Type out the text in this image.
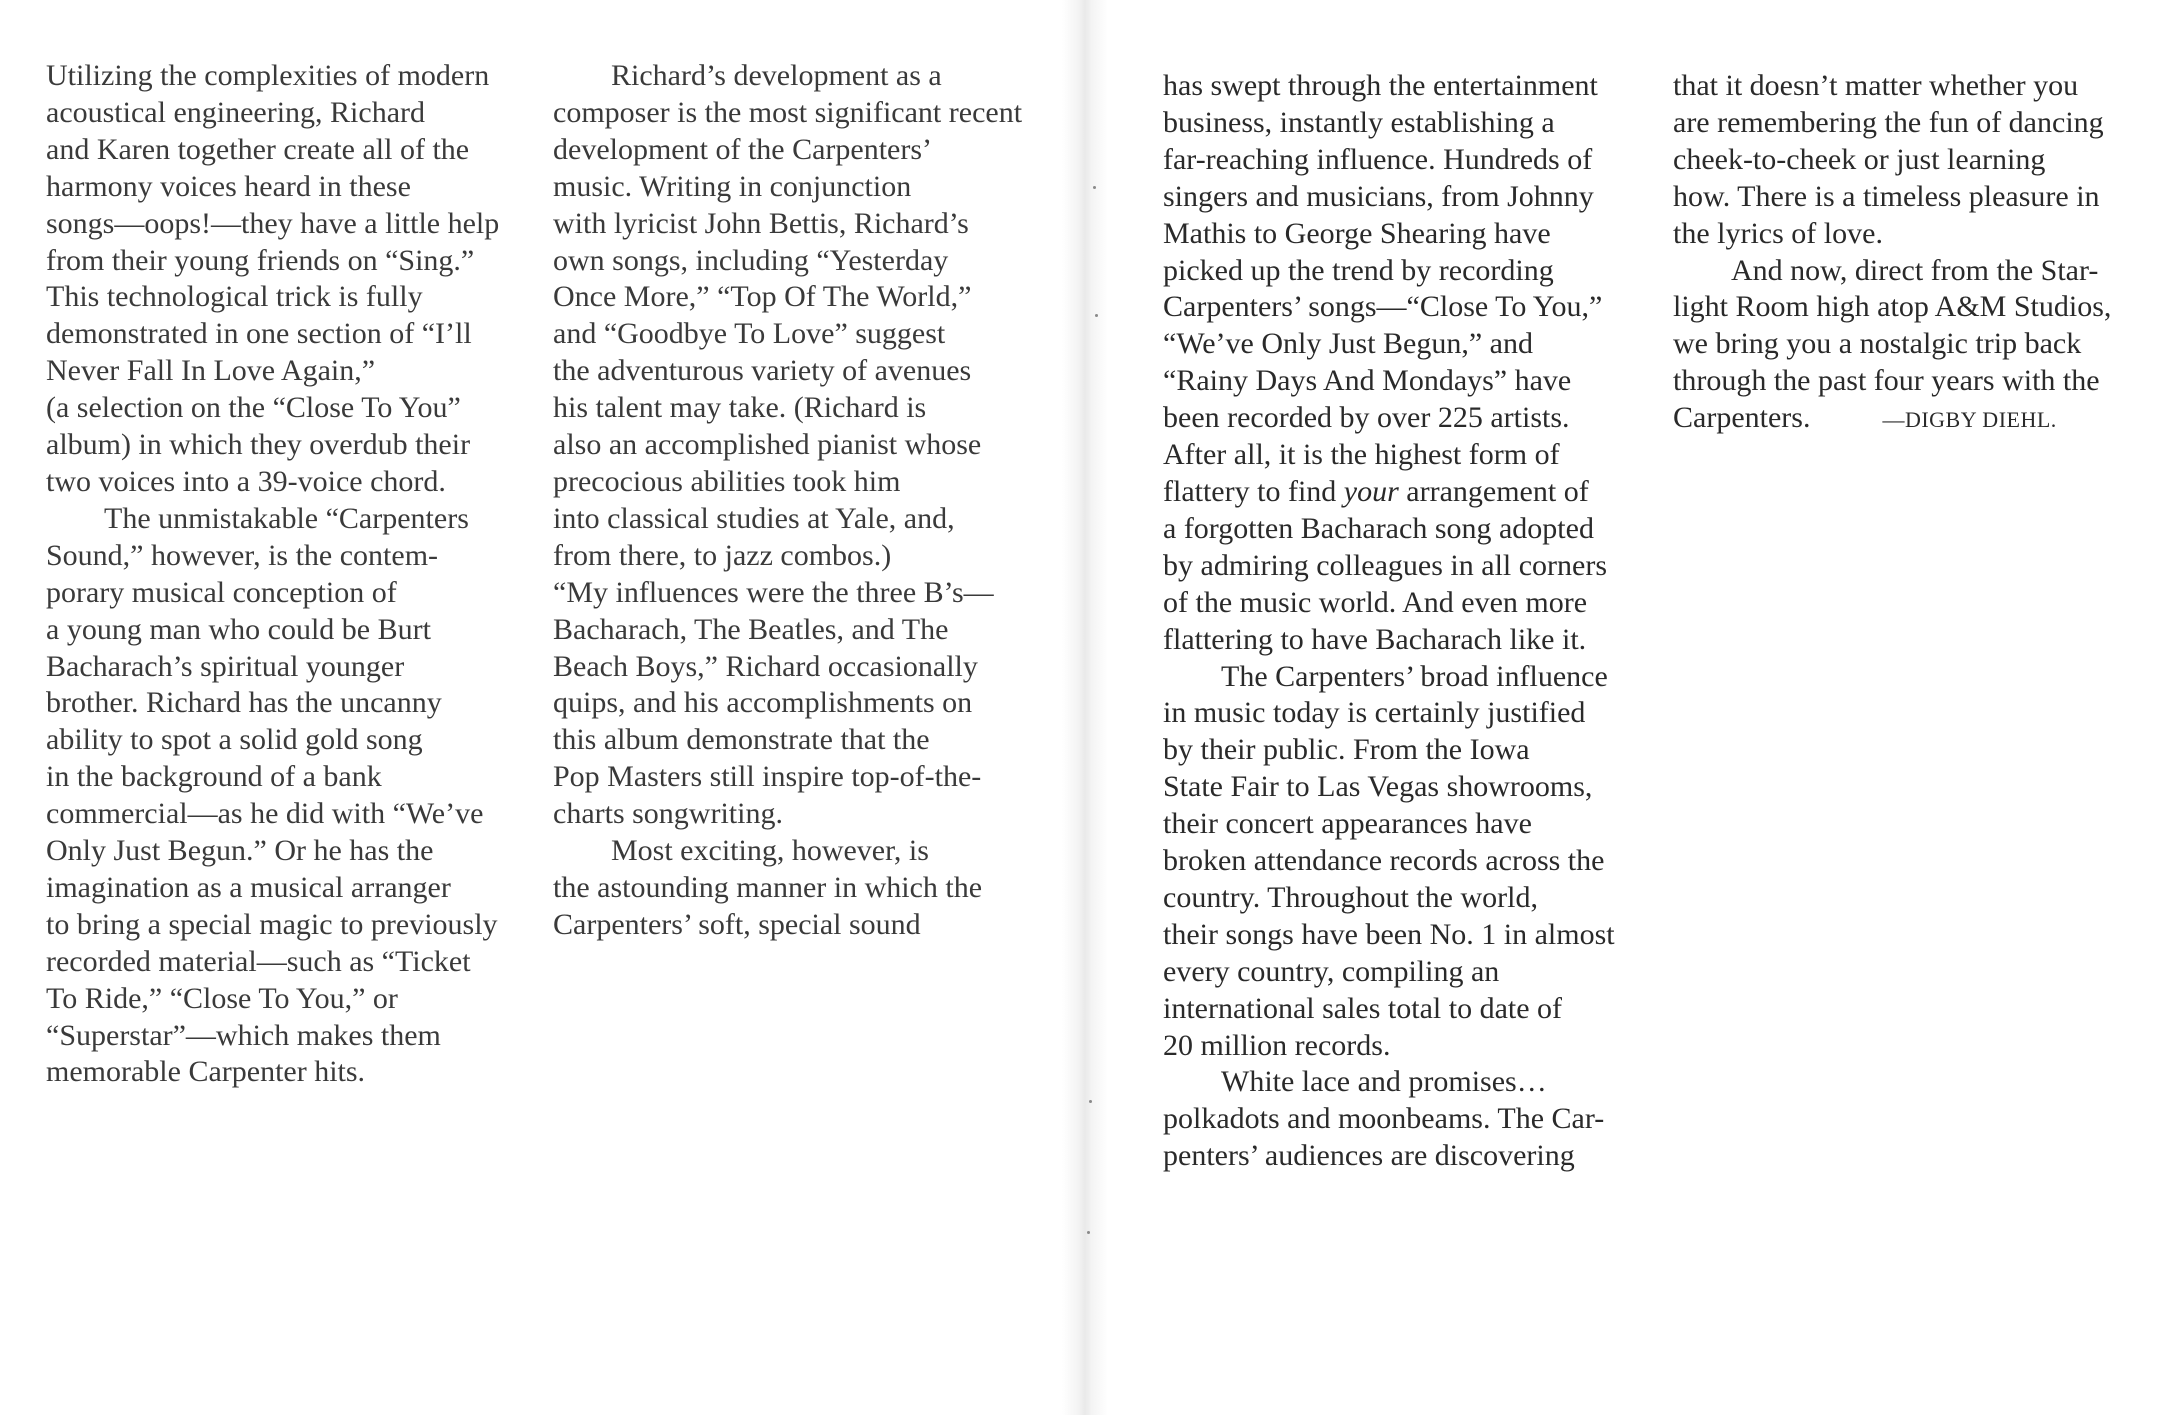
Utilizing the complexities of modern
acoustical engineering, Richard
and Karen together create all of the
harmony voices heard in these
songs—oops!—they have a little help
from their young friends on “Sing.”
This technological trick is fully
demonstrated in one section of “I’ll
Never Fall In Love Again,”
(a selection on the “Close To You”
album) in which they overdub their
two voices into a 39-voice chord.
The unmistakable “Carpenters
Sound,” however, is the contem-
porary musical conception of
a young man who could be Burt
Bacharach’s spiritual younger
brother. Richard has the uncanny
ability to spot a solid gold song
in the background of a bank
commercial—as he did with “We’ve
Only Just Begun.” Or he has the
imagination as a musical arranger
to bring a special magic to previously
recorded material—such as “Ticket
To Ride,” “Close To You,” or
“Superstar”—which makes them
memorable Carpenter hits.
Richard’s development as a
composer is the most significant recent
development of the Carpenters’
music. Writing in conjunction
with lyricist John Bettis, Richard’s
own songs, including “Yesterday
Once More,” “Top Of The World,”
and “Goodbye To Love” suggest
the adventurous variety of avenues
his talent may take. (Richard is
also an accomplished pianist whose
precocious abilities took him
into classical studies at Yale, and,
from there, to jazz combos.)
“My influences were the three B’s—
Bacharach, The Beatles, and The
Beach Boys,” Richard occasionally
quips, and his accomplishments on
this album demonstrate that the
Pop Masters still inspire top-of-the-
charts songwriting.
Most exciting, however, is
the astounding manner in which the
Carpenters’ soft, special sound
has swept through the entertainment
business, instantly establishing a
far-reaching influence. Hundreds of
singers and musicians, from Johnny
Mathis to George Shearing have
picked up the trend by recording
Carpenters’ songs—“Close To You,”
“We’ve Only Just Begun,” and
“Rainy Days And Mondays” have
been recorded by over 225 artists.
After all, it is the highest form of
flattery to find your arrangement of
a forgotten Bacharach song adopted
by admiring colleagues in all corners
of the music world. And even more
flattering to have Bacharach like it.
The Carpenters’ broad influence
in music today is certainly justified
by their public. From the Iowa
State Fair to Las Vegas showrooms,
their concert appearances have
broken attendance records across the
country. Throughout the world,
their songs have been No. 1 in almost
every country, compiling an
international sales total to date of
20 million records.
White lace and promises…
polkadots and moonbeams. The Car-
penters’ audiences are discovering
that it doesn’t matter whether you
are remembering the fun of dancing
cheek-to-cheek or just learning
how. There is a timeless pleasure in
the lyrics of love.
And now, direct from the Star-
light Room high atop A&M Studios,
we bring you a nostalgic trip back
through the past four years with the
Carpenters.	—DIGBY DIEHL.
